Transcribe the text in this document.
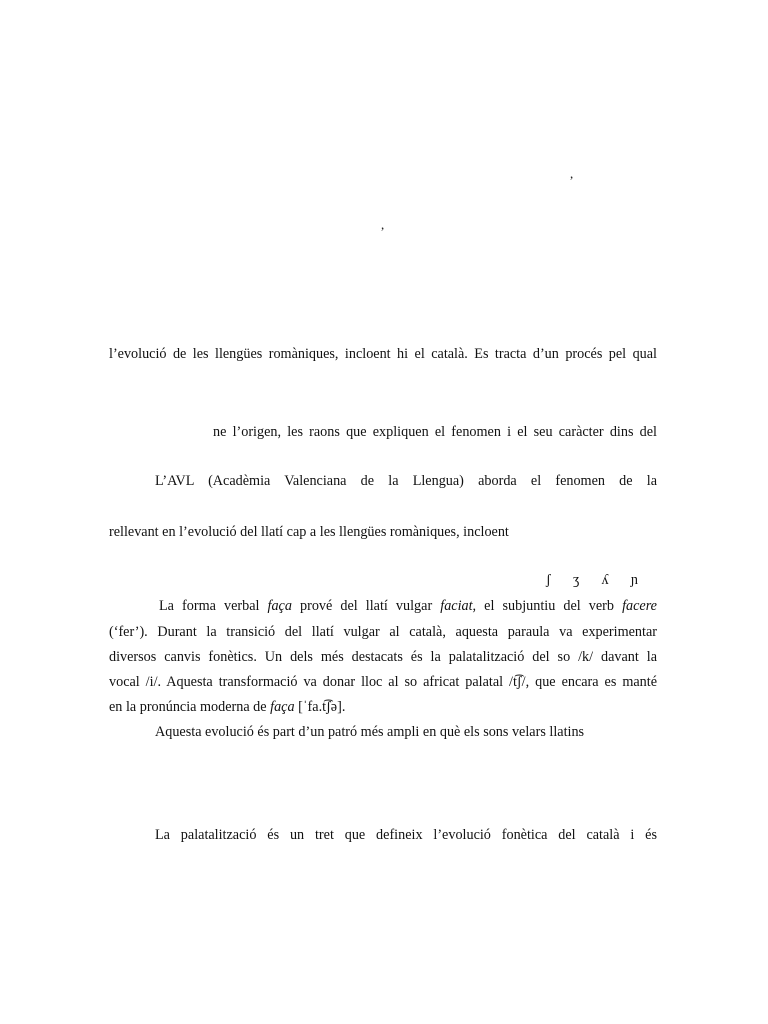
,
,
l’evolució de les llengües romàniques, incloent hi el català. Es tracta d’un procés pel qual
ne l’origen, les raons que expliquen el fenomen i el seu caràcter dins del
L’AVL (Acadèmia Valenciana de la Llengua) aborda el fenomen de la
rellevant en l’evolució del llatí cap a les llengües romàniques, incloent
ʃ ʒ ʎ ɲ
La forma verbal faça prové del llatí vulgar faciat, el subjuntiu del verb facere
(‘fer’). Durant la transició del llatí vulgar al català, aquesta paraula va experimentar
diversos canvis fonètics. Un dels més destacats és la palatalització del so /k/ davant la
vocal /i/. Aquesta transformació va donar lloc al so africat palatal /t͡ʃ/, que encara es manté
en la pronúncia moderna de faça [ˈfa.t͡ʃə].
Aquesta evolució és part d’un patró més ampli en què els sons velars llatins
La palatalització és un tret que defineix l’evolució fonètica del català i és
